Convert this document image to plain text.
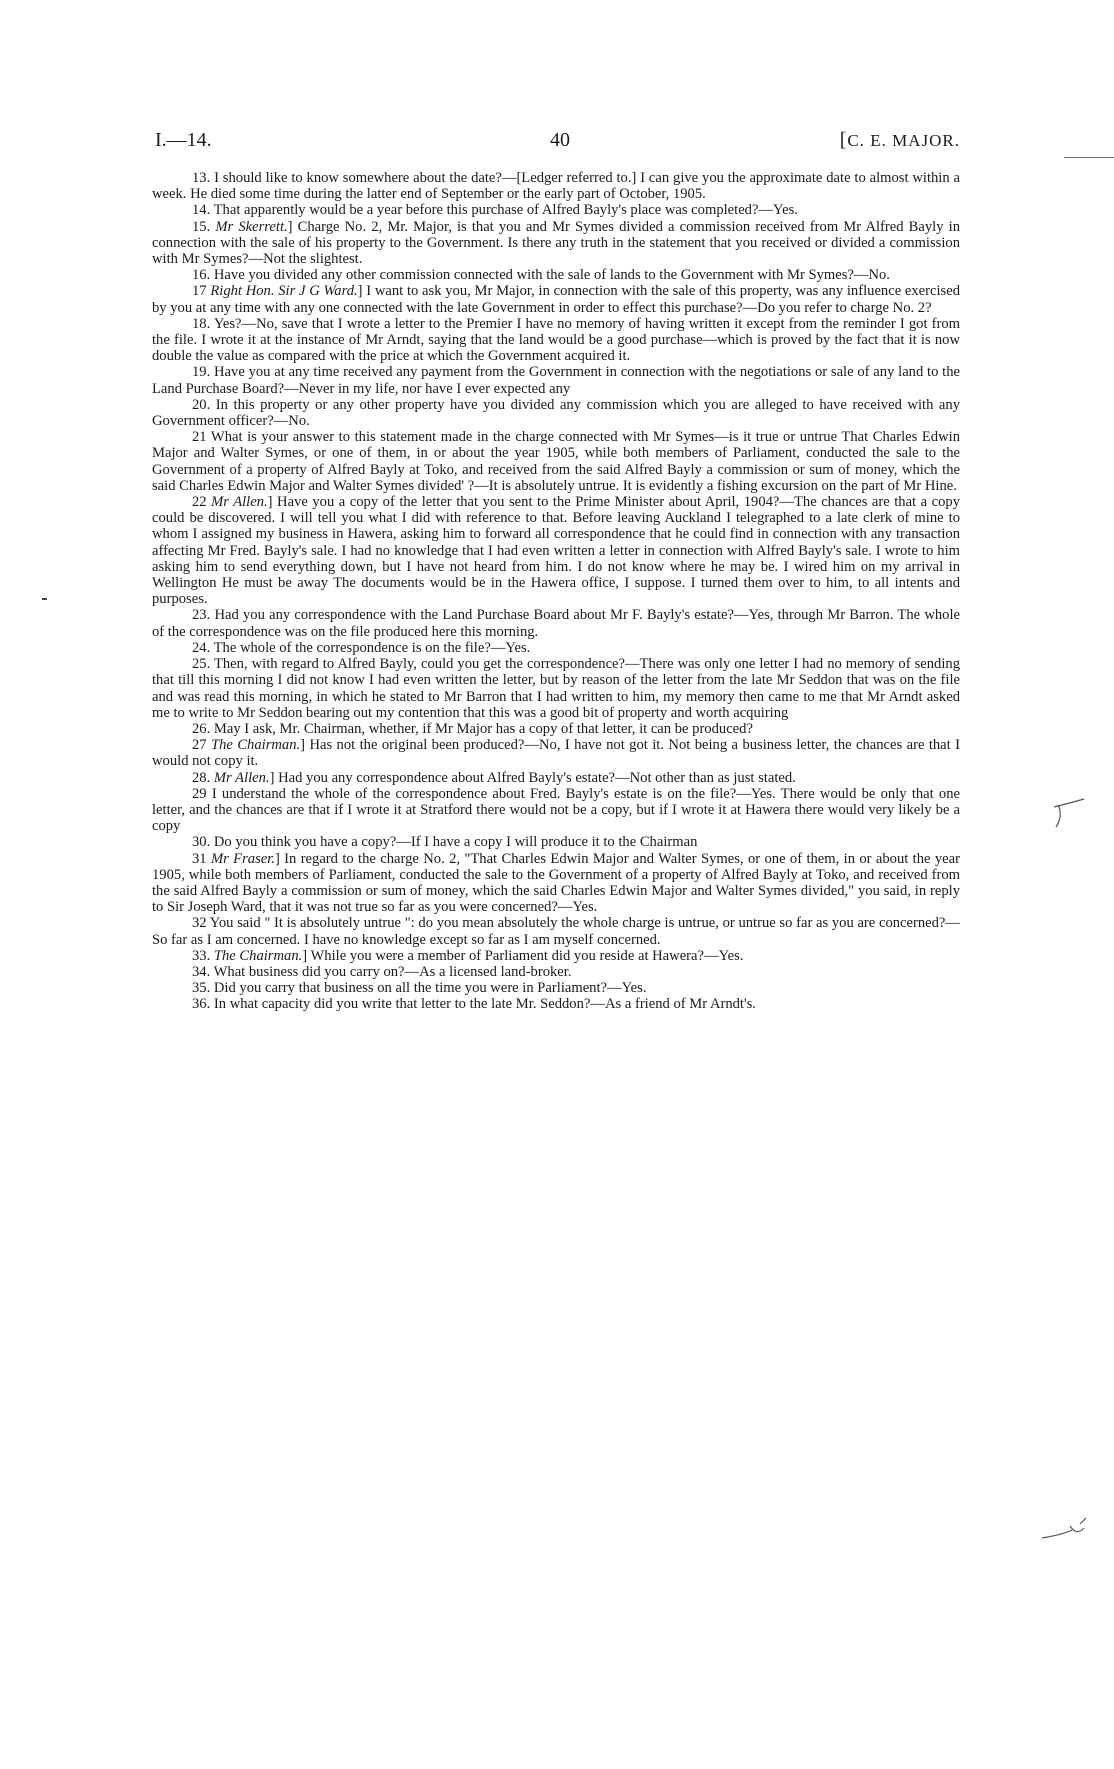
I.—14.	40	[C. E. MAJOR.

13. I should like to know somewhere about the date?—[Ledger referred to.] I can give you the approximate date to almost within a week. He died some time during the latter end of September or the early part of October, 1905.

14. That apparently would be a year before this purchase of Alfred Bayly's place was completed?—Yes.

15. Mr Skerrett.] Charge No. 2, Mr. Major, is that you and Mr Symes divided a commission received from Mr Alfred Bayly in connection with the sale of his property to the Government. Is there any truth in the statement that you received or divided a commission with Mr Symes?—Not the slightest.

16. Have you divided any other commission connected with the sale of lands to the Government with Mr Symes?—No.

17 Right Hon. Sir J G Ward.] I want to ask you, Mr Major, in connection with the sale of this property, was any influence exercised by you at any time with any one connected with the late Government in order to effect this purchase?—Do you refer to charge No. 2?

18. Yes?—No, save that I wrote a letter to the Premier I have no memory of having written it except from the reminder I got from the file. I wrote it at the instance of Mr Arndt, saying that the land would be a good purchase—which is proved by the fact that it is now double the value as compared with the price at which the Government acquired it.

19. Have you at any time received any payment from the Government in connection with the negotiations or sale of any land to the Land Purchase Board?—Never in my life, nor have I ever expected any

20. In this property or any other property have you divided any commission which you are alleged to have received with any Government officer?—No.

21 What is your answer to this statement made in the charge connected with Mr Symes—is it true or untrue That Charles Edwin Major and Walter Symes, or one of them, in or about the year 1905, while both members of Parliament, conducted the sale to the Government of a property of Alfred Bayly at Toko, and received from the said Alfred Bayly a commission or sum of money, which the said Charles Edwin Major and Walter Symes divided' ?—It is absolutely untrue. It is evidently a fishing excursion on the part of Mr Hine.

22 Mr Allen.] Have you a copy of the letter that you sent to the Prime Minister about April, 1904?—The chances are that a copy could be discovered. I will tell you what I did with reference to that. Before leaving Auckland I telegraphed to a late clerk of mine to whom I assigned my business in Hawera, asking him to forward all correspondence that he could find in connection with any transaction affecting Mr Fred. Bayly's sale. I had no knowledge that I had even written a letter in connection with Alfred Bayly's sale. I wrote to him asking him to send everything down, but I have not heard from him. I do not know where he may be. I wired him on my arrival in Wellington He must be away The documents would be in the Hawera office, I suppose. I turned them over to him, to all intents and purposes.

23. Had you any correspondence with the Land Purchase Board about Mr F. Bayly's estate?—Yes, through Mr Barron. The whole of the correspondence was on the file produced here this morning.

24. The whole of the correspondence is on the file?—Yes.

25. Then, with regard to Alfred Bayly, could you get the correspondence?—There was only one letter I had no memory of sending that till this morning I did not know I had even written the letter, but by reason of the letter from the late Mr Seddon that was on the file and was read this morning, in which he stated to Mr Barron that I had written to him, my memory then came to me that Mr Arndt asked me to write to Mr Seddon bearing out my contention that this was a good bit of property and worth acquiring

26. May I ask, Mr. Chairman, whether, if Mr Major has a copy of that letter, it can be produced?

27 The Chairman.] Has not the original been produced?—No, I have not got it. Not being a business letter, the chances are that I would not copy it.

28. Mr Allen.] Had you any correspondence about Alfred Bayly's estate?—Not other than as just stated.

29 I understand the whole of the correspondence about Fred. Bayly's estate is on the file?—Yes. There would be only that one letter, and the chances are that if I wrote it at Stratford there would not be a copy, but if I wrote it at Hawera there would very likely be a copy

30. Do you think you have a copy?—If I have a copy I will produce it to the Chairman

31 Mr Fraser.] In regard to the charge No. 2, "That Charles Edwin Major and Walter Symes, or one of them, in or about the year 1905, while both members of Parliament, conducted the sale to the Government of a property of Alfred Bayly at Toko, and received from the said Alfred Bayly a commission or sum of money, which the said Charles Edwin Major and Walter Symes divided," you said, in reply to Sir Joseph Ward, that it was not true so far as you were concerned?—Yes.

32 You said " It is absolutely untrue ": do you mean absolutely the whole charge is untrue, or untrue so far as you are concerned?—So far as I am concerned. I have no knowledge except so far as I am myself concerned.

33. The Chairman.] While you were a member of Parliament did you reside at Hawera?—Yes.

34. What business did you carry on?—As a licensed land-broker.

35. Did you carry that business on all the time you were in Parliament?—Yes.

36. In what capacity did you write that letter to the late Mr. Seddon?—As a friend of Mr Arndt's.
